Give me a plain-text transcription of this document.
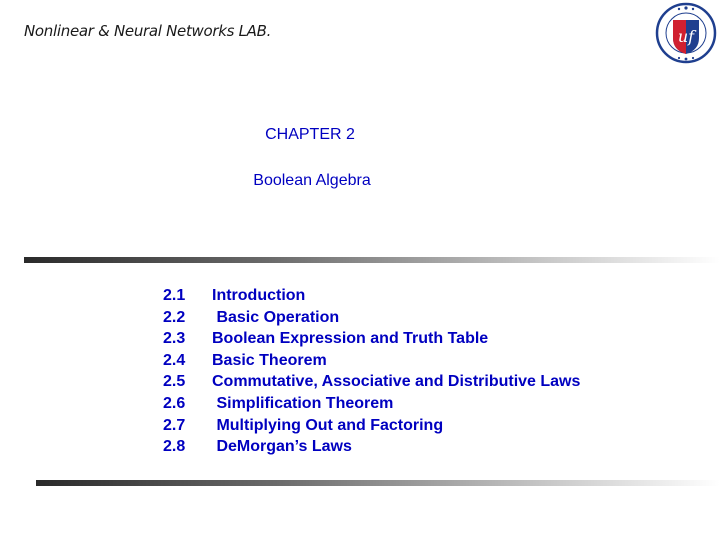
Nonlinear & Neural Networks LAB.	uf
CHAPTER 2
Boolean Algebra
2.1 Introduction
2.2 Basic Operation
2.3 Boolean Expression and Truth Table
2.4 Basic Theorem
2.5 Commutative, Associative and Distributive Laws
2.6 Simplification Theorem
2.7 Multiplying Out and Factoring
2.8 DeMorgan’s Laws
